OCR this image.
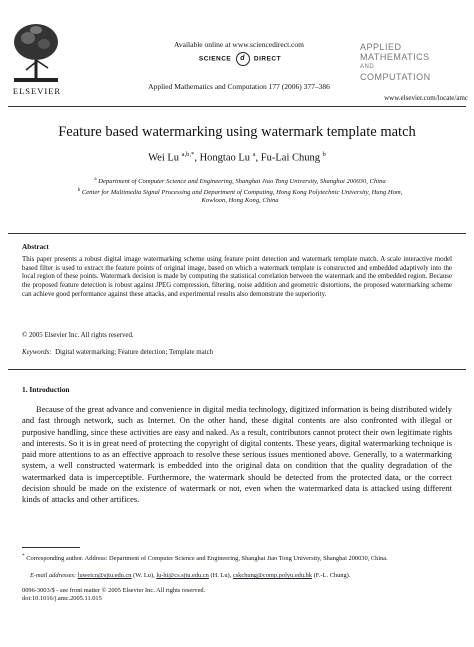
ELSEVIER
Available online at www.sciencedirect.com
SCIENCE d DIRECT
Applied Mathematics and Computation 177 (2006) 377–386
APPLIED
MATHEMATICS
AND
COMPUTATION
www.elsevier.com/locate/amc
Feature based watermarking using watermark template match
Wei Lu $^{a,b,*}$, Hongtao Lu $^a$, Fu-Lai Chung $^b$
$^a$ Department of Computer Science and Engineering, Shanghai Jiao Tong University, Shanghai 200030, China
$^b$ Center for Multimedia Signal Processing and Department of Computing, Hong Kong Polytechnic University, Hung Hom,
Kowloon, Hong Kong, China
Abstract
This paper presents a robust digital image watermarking scheme using feature point detection and watermark template match. A scale interactive model based filter is used to extract the feature points of original image, based on which a watermark template is constructed and embedded adaptively into the local region of these points. Watermark decision is made by computing the statistical correlation between the watermark and the embedded region. Because the proposed feature detection is robust against JPEG compression, filtering, noise addition and geometric distortions, the proposed watermarking scheme can achieve good performance against these attacks, and experimental results also demonstrate the superiority.
© 2005 Elsevier Inc. All rights reserved.
Keywords: Digital watermarking; Feature detection; Template match
1. Introduction
Because of the great advance and convenience in digital media technology, digitized information is being distributed widely and fast through network, such as Internet. On the other hand, these digital contents are also confronted with illegal or purposive handling, since these activities are easy and naked. As a result, contributors cannot protect their own legitimate rights and interests. So it is in great need of protecting the copyright of digital contents. These years, digital watermarking technique is paid more attentions to as an effective approach to resolve these serious issues mentioned above. Generally, to a watermarking system, a well constructed watermark is embedded into the original data on condition that the quality degradation of the watermarked data is imperceptible. Furthermore, the watermark should be detected from the protected data, or the correct decision should be made on the existence of watermark or not, even when the watermarked data is attacked using different kinds of attacks and other artifices.
* Corresponding author. Address: Department of Computer Science and Engineering, Shanghai Jiao Tong University, Shanghai 200030, China.
E-mail addresses: luweicn@sjtu.edu.cn (W. Lu), lu-ht@cs.sjtu.edu.cn (H. Lu), cskchung@comp.polyu.edu.hk (F.-L. Chung).
0096-3003/$ - see front matter © 2005 Elsevier Inc. All rights reserved.
doi:10.1016/j.amc.2005.11.015
